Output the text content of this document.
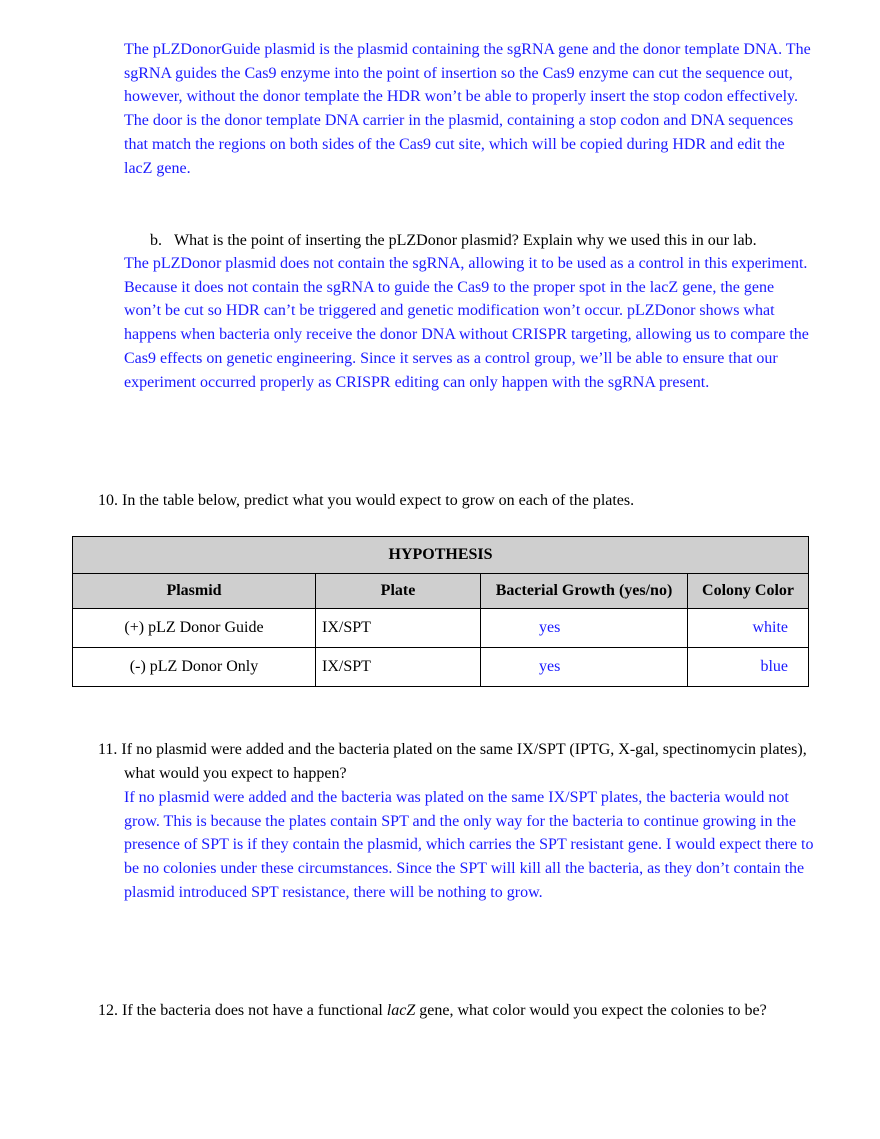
The pLZDonorGuide plasmid is the plasmid containing the sgRNA gene and the donor template DNA. The sgRNA guides the Cas9 enzyme into the point of insertion so the Cas9 enzyme can cut the sequence out, however, without the donor template the HDR won’t be able to properly insert the stop codon effectively. The door is the donor template DNA carrier in the plasmid, containing a stop codon and DNA sequences that match the regions on both sides of the Cas9 cut site, which will be copied during HDR and edit the lacZ gene.

b. What is the point of inserting the pLZDonor plasmid? Explain why we used this in our lab.

The pLZDonor plasmid does not contain the sgRNA, allowing it to be used as a control in this experiment. Because it does not contain the sgRNA to guide the Cas9 to the proper spot in the lacZ gene, the gene won’t be cut so HDR can’t be triggered and genetic modification won’t occur. pLZDonor shows what happens when bacteria only receive the donor DNA without CRISPR targeting, allowing us to compare the Cas9 effects on genetic engineering. Since it serves as a control group, we’ll be able to ensure that our experiment occurred properly as CRISPR editing can only happen with the sgRNA present.

10. In the table below, predict what you would expect to grow on each of the plates.

HYPOTHESIS			
Plasmid	Plate	Bacterial Growth (yes/no)	Colony Color
(+) pLZ Donor Guide	IX/SPT	yes	white
(-) pLZ Donor Only	IX/SPT	yes	blue

11. If no plasmid were added and the bacteria plated on the same IX/SPT (IPTG, X-gal, spectinomycin plates), what would you expect to happen?

If no plasmid were added and the bacteria was plated on the same IX/SPT plates, the bacteria would not grow. This is because the plates contain SPT and the only way for the bacteria to continue growing in the presence of SPT is if they contain the plasmid, which carries the SPT resistant gene. I would expect there to be no colonies under these circumstances. Since the SPT will kill all the bacteria, as they don’t contain the plasmid introduced SPT resistance, there will be nothing to grow.

12. If the bacteria does not have a functional lacZ gene, what color would you expect the colonies to be?
